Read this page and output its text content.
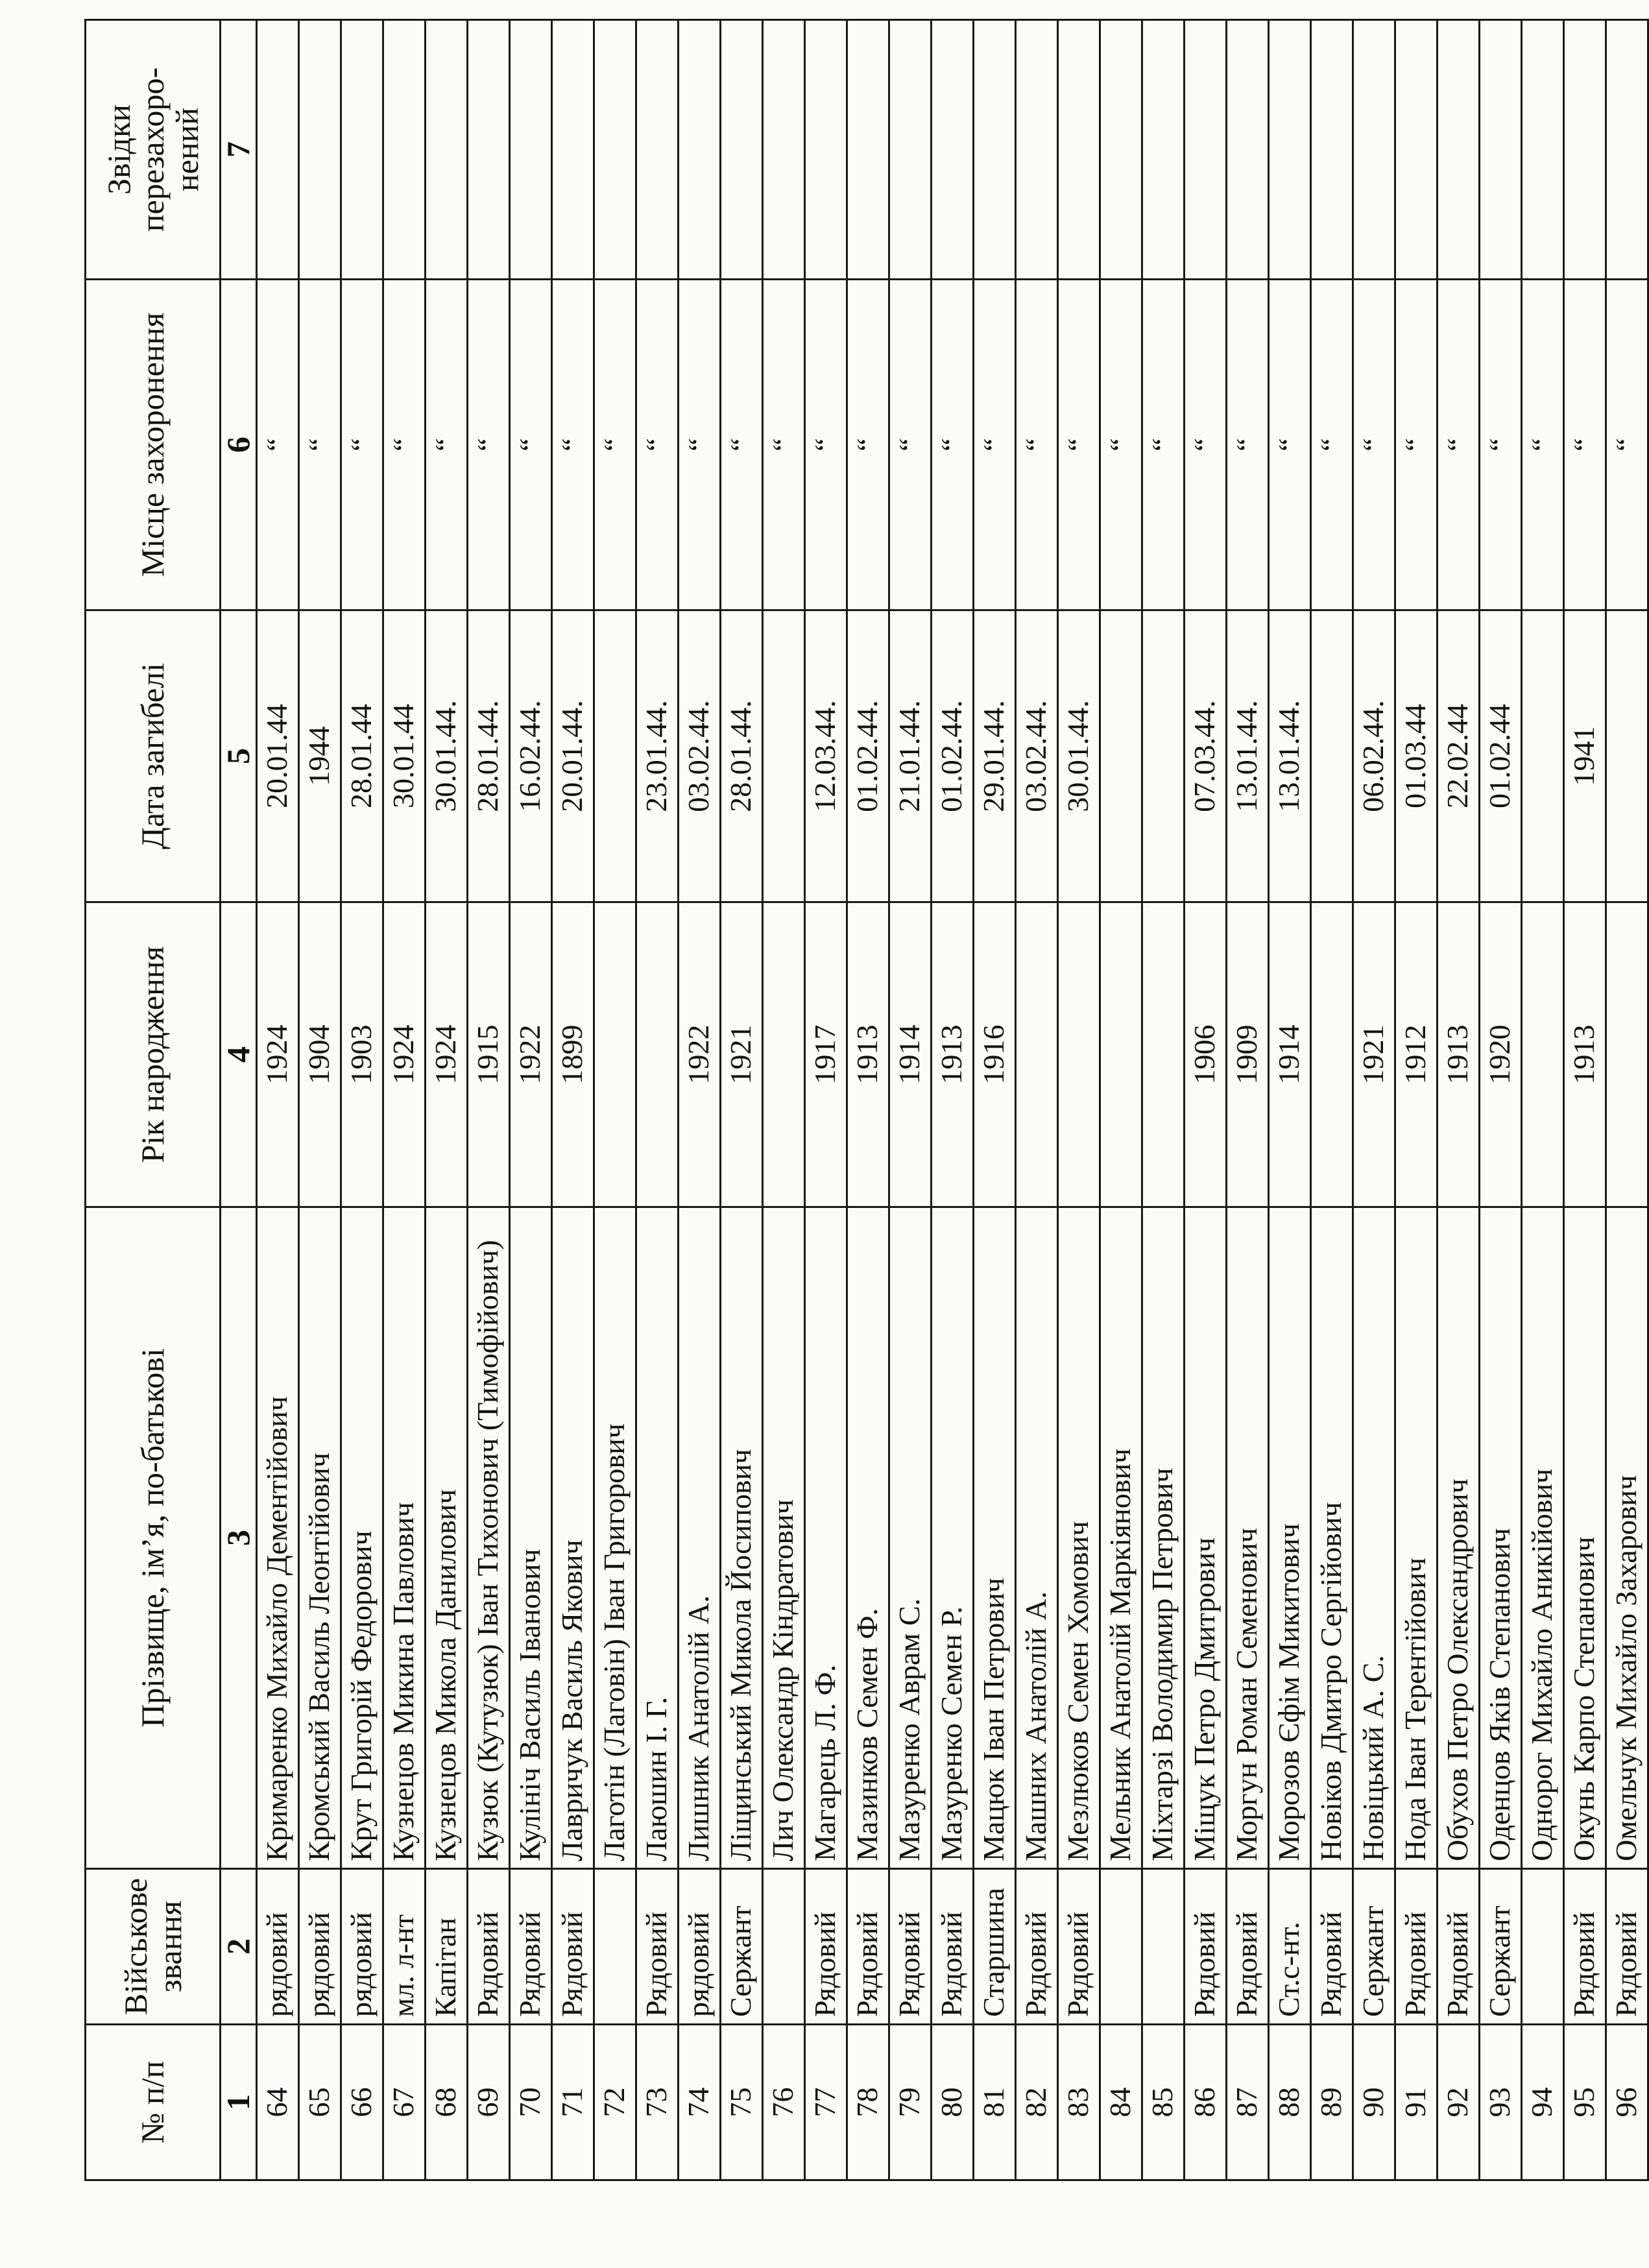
№ п/п	Військове звання	Прізвище, ім’я, по-батькові	Рік народження	Дата загибелі	Місце захоронення	Звідки перезахоро-нений
1	2	3	4	5	6	7
64	рядовий	Кримаренко Михайло Дементійович	1924	20.01.44	“	
65	рядовий	Кромський Василь Леонтійович	1904	1944	“	
66	рядовий	Крут Григорій Федорович	1903	28.01.44	“	
67	мл. л-нт	Кузнецов Микина Павлович	1924	30.01.44	“	
68	Капітан	Кузнецов Микола Данилович	1924	30.01.44.	“	
69	Рядовий	Кузюк (Кутузюк) Іван Тихонович (Тимофійович)	1915	28.01.44.	“	
70	Рядовий	Кулініч Василь Іванович	1922	16.02.44.	“	
71	Рядовий	Лавричук Василь Якович	1899	20.01.44.	“	
72		Лаготін (Лаговін) Іван Григорович			“	
73	Рядовий	Лаюшин І. Г.		23.01.44.	“	
74	рядовий	Лишник Анатолій А.	1922	03.02.44.	“	
75	Сержант	Ліщинський Микола Йосипович	1921	28.01.44.	“	
76		Лич Олександр Кіндратович			“	
77	Рядовий	Магарець Л. Ф.	1917	12.03.44.	“	
78	Рядовий	Мазинков Семен Ф.	1913	01.02.44.	“	
79	Рядовий	Мазуренко Аврам С.	1914	21.01.44.	“	
80	Рядовий	Мазуренко Семен Р.	1913	01.02.44.	“	
81	Старшина	Мацюк Іван Петрович	1916	29.01.44.	“	
82	Рядовий	Машних Анатолій А.		03.02.44.	“	
83	Рядовий	Мезлюков Семен Хомович		30.01.44.	“	
84		Мельник Анатолій Маркіянович			“	
85		Міхтарзі Володимир Петрович			“	
86	Рядовий	Міщук Петро Дмитрович	1906	07.03.44.	“	
87	Рядовий	Моргун Роман Семенович	1909	13.01.44.	“	
88	Ст.с-нт.	Морозов Єфім Микитович	1914	13.01.44.	“	
89	Рядовий	Новіков Дмитро Сергійович			“	
90	Сержант	Новіцький А. С.	1921	06.02.44.	“	
91	Рядовий	Нода Іван Терентійович	1912	01.03.44	“	
92	Рядовий	Обухов Петро Олександрович	1913	22.02.44	“	
93	Сержант	Оденцов Яків Степанович	1920	01.02.44	“	
94		Однорог Михайло Аникійович			“	
95	Рядовий	Окунь Карпо Степанович	1913	1941	“	
96	Рядовий	Омельчук Михайло Захарович			“	
